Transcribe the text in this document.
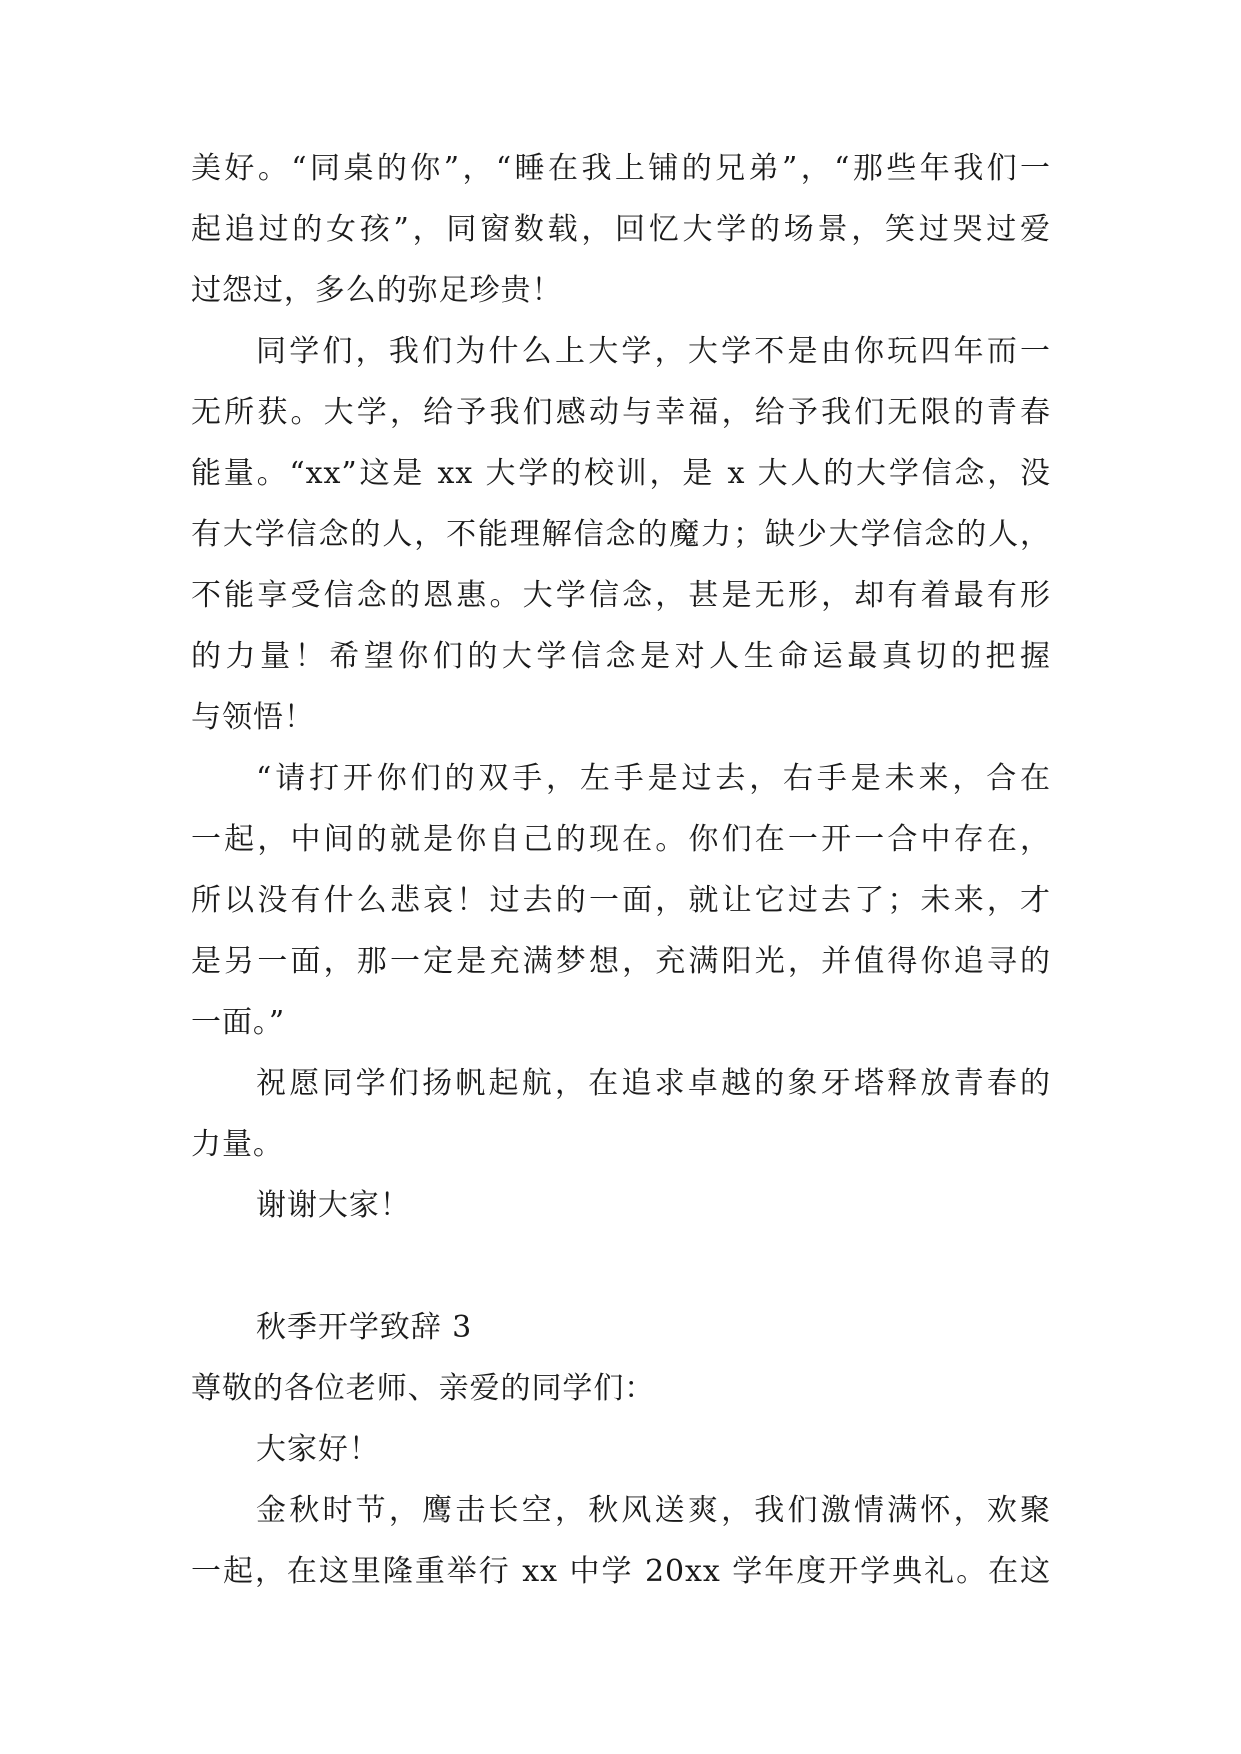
美好。“同桌的你”，“睡在我上铺的兄弟”，“那些年我们一
起追过的女孩”，同窗数载，回忆大学的场景，笑过哭过爱
过怨过，多么的弥足珍贵！
同学们，我们为什么上大学，大学不是由你玩四年而一
无所获。大学，给予我们感动与幸福，给予我们无限的青春
能量。“xx”这是 xx 大学的校训，是 x 大人的大学信念，没
有大学信念的人，不能理解信念的魔力；缺少大学信念的人，
不能享受信念的恩惠。大学信念，甚是无形，却有着最有形
的力量！希望你们的大学信念是对人生命运最真切的把握
与领悟！
“请打开你们的双手，左手是过去，右手是未来，合在
一起，中间的就是你自己的现在。你们在一开一合中存在，
所以没有什么悲哀！过去的一面，就让它过去了；未来，才
是另一面，那一定是充满梦想，充满阳光，并值得你追寻的
一面。”
祝愿同学们扬帆起航，在追求卓越的象牙塔释放青春的
力量。
谢谢大家！
秋季开学致辞 3
尊敬的各位老师、亲爱的同学们：
大家好！
金秋时节，鹰击长空，秋风送爽，我们激情满怀，欢聚
一起，在这里隆重举行 xx 中学 20xx 学年度开学典礼。在这
